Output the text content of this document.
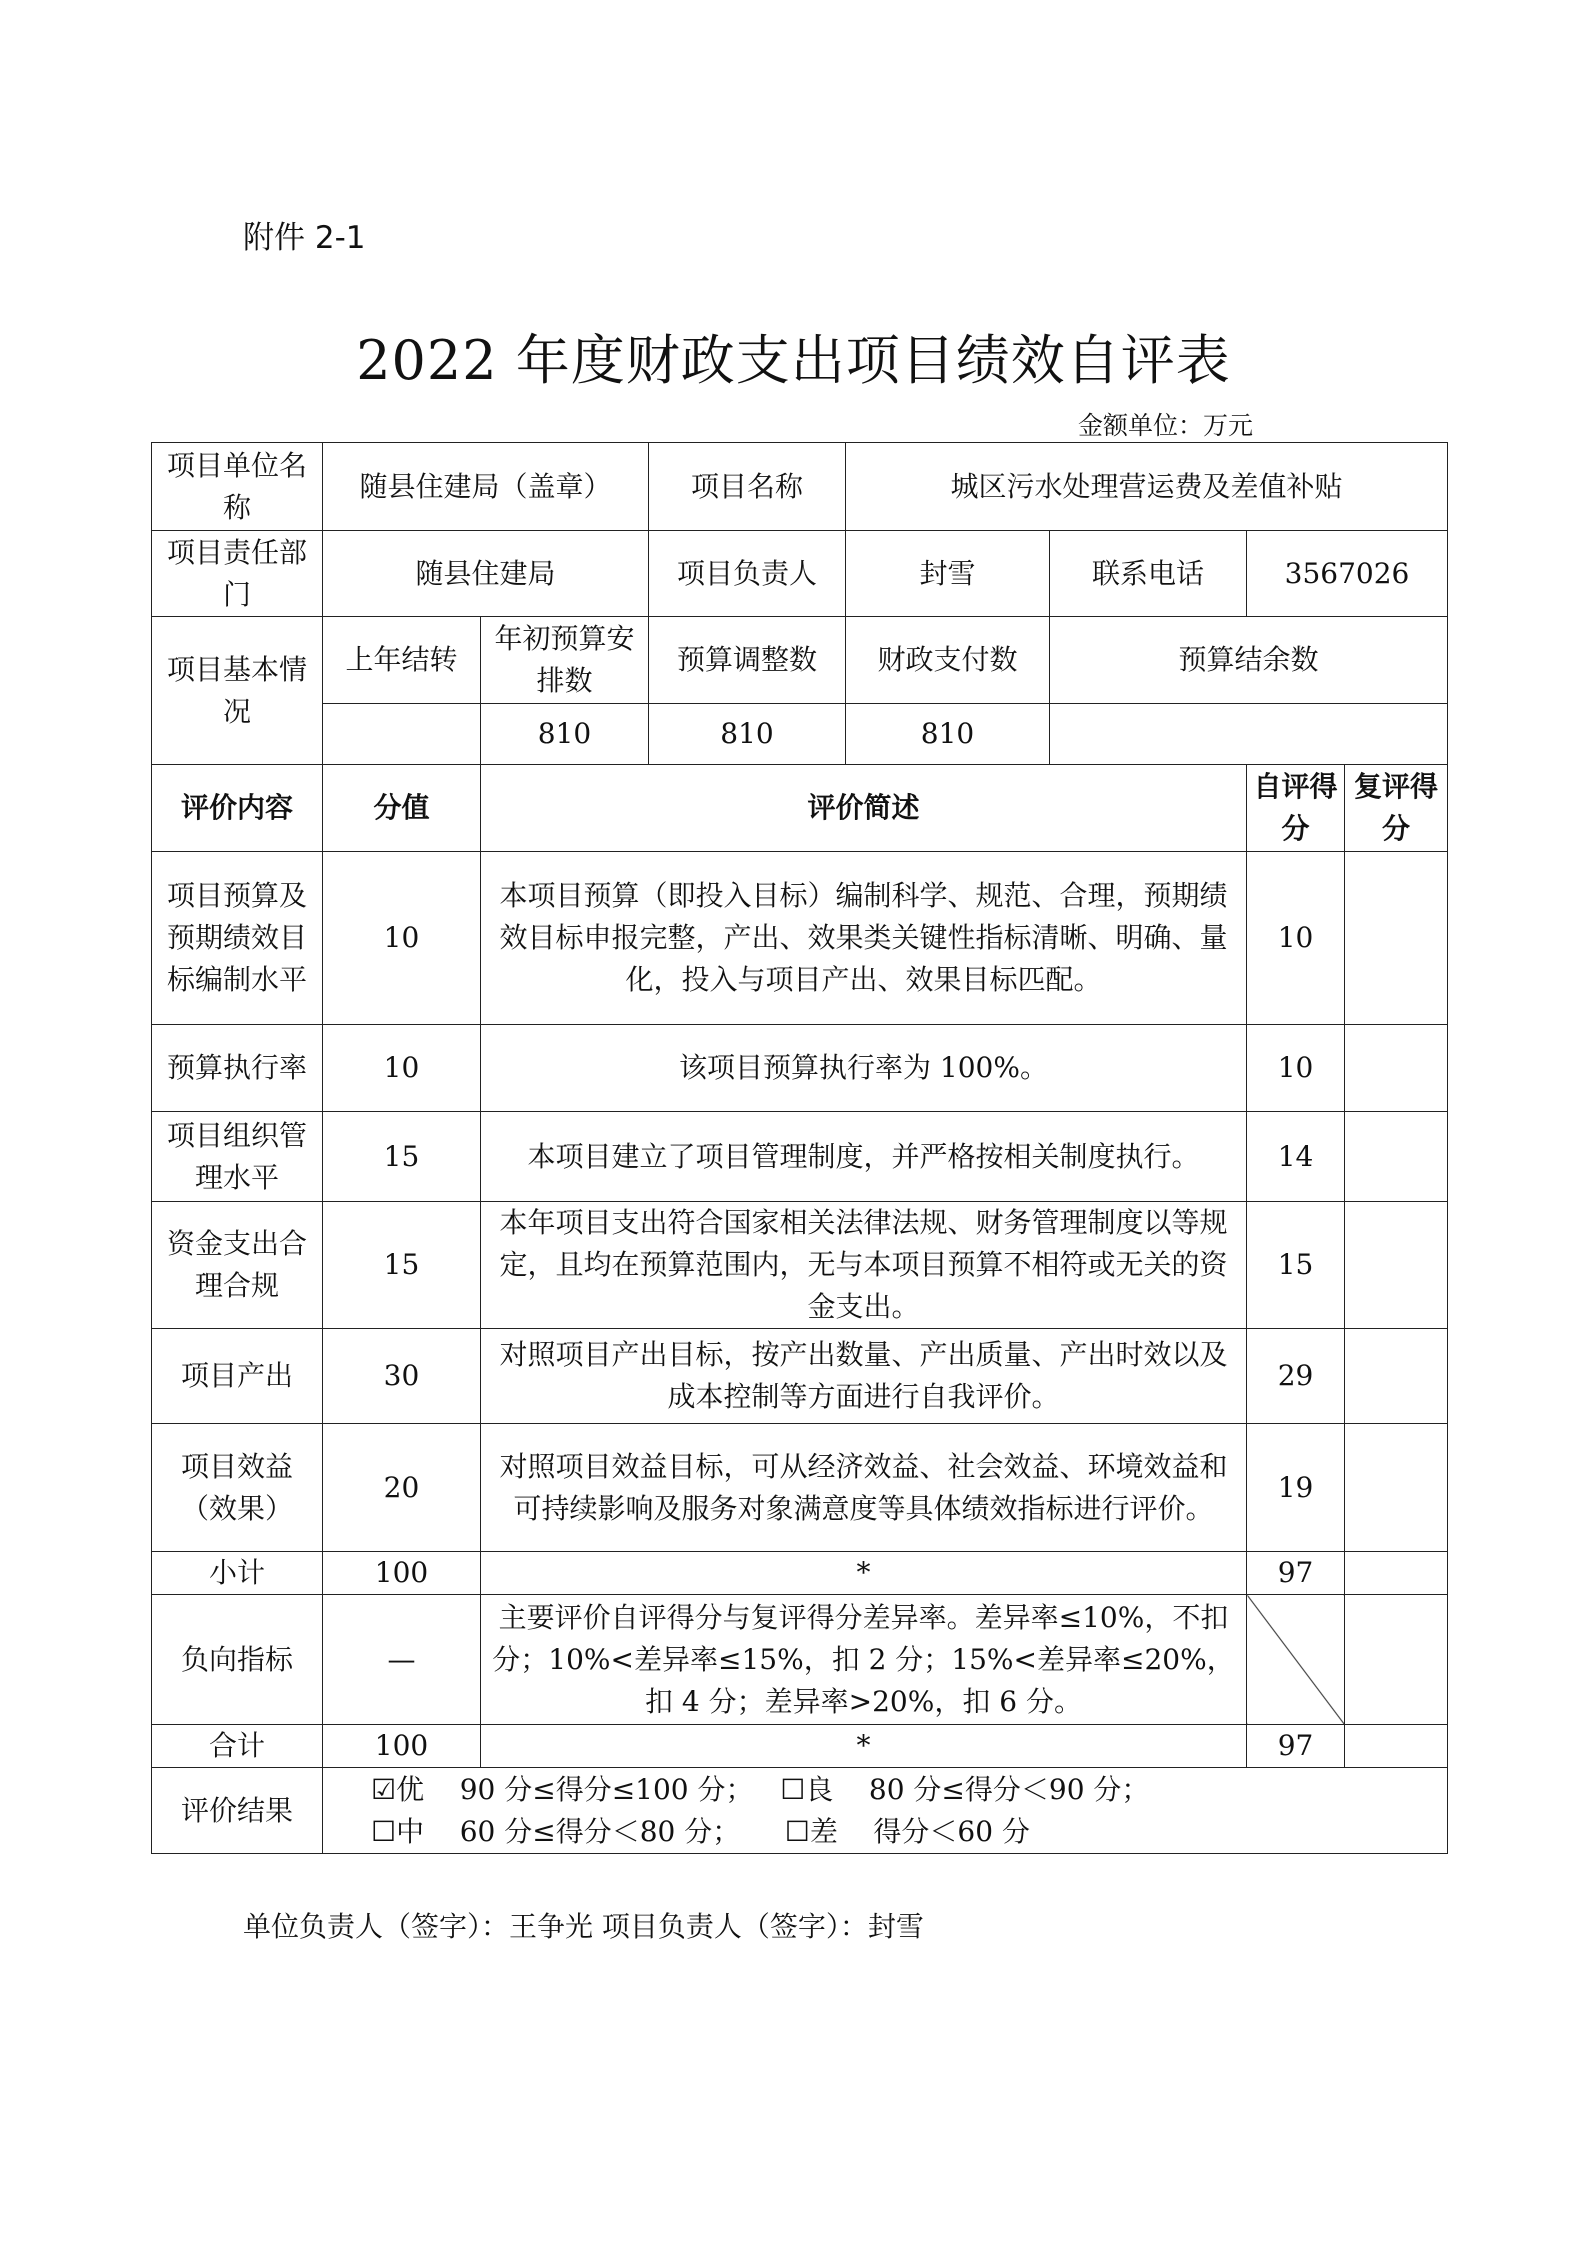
附件 2-1
2022 年度财政支出项目绩效自评表
金额单位：万元
项目单位名称	随县住建局（盖章）		项目名称	城区污水处理营运费及差值补贴			
项目责任部门	随县住建局		项目负责人	封雪	联系电话	3567026	
项目基本情况	上年结转	年初预算安排数	预算调整数	财政支付数	预算结余数		
		810	810	810			
评价内容	分值	评价简述				自评得分	复评得分
项目预算及预期绩效目标编制水平	10	本项目预算（即投入目标）编制科学、规范、合理，预期绩效目标申报完整，产出、效果类关键性指标清晰、明确、量化，投入与项目产出、效果目标匹配。				10	
预算执行率	10	该项目预算执行率为 100%。				10	
项目组织管理水平	15	本项目建立了项目管理制度，并严格按相关制度执行。				14	
资金支出合理合规	15	本年项目支出符合国家相关法律法规、财务管理制度以等规定，且均在预算范围内，无与本项目预算不相符或无关的资金支出。				15	
项目产出	30	对照项目产出目标，按产出数量、产出质量、产出时效以及成本控制等方面进行自我评价。				29	
项目效益（效果）	20	对照项目效益目标，可从经济效益、社会效益、环境效益和可持续影响及服务对象满意度等具体绩效指标进行评价。				19	
小计	100	*				97	
负向指标	—	主要评价自评得分与复评得分差异率。差异率≤10%，不扣分；10%<差异率≤15%，扣 2 分；15%<差异率≤20%，扣 4 分；差异率>20%，扣 6 分。					
合计	100	*				97	
评价结果	☑优    90 分≤得分≤100 分；   ☐良    80 分≤得分＜90 分；
☐中    60 分≤得分＜80 分；     ☐差    得分＜60 分						
单位负责人（签字）：王争光 项目负责人（签字）：封雪
